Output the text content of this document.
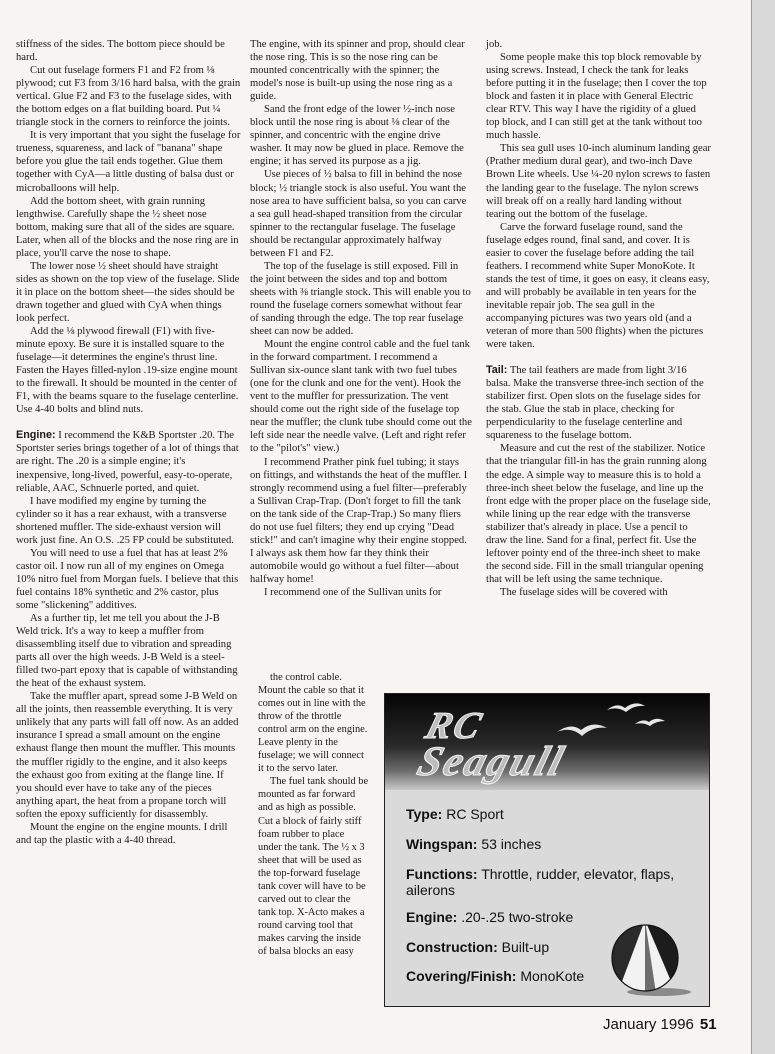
stiffness of the sides. The bottom piece should be hard.

Cut out fuselage formers F1 and F2 from ⅛ plywood; cut F3 from 3/16 hard balsa, with the grain vertical. Glue F2 and F3 to the fuselage sides, with the bottom edges on a flat building board. Put ¼ triangle stock in the corners to reinforce the joints.

It is very important that you sight the fuselage for trueness, squareness, and lack of "banana" shape before you glue the tail ends together. Glue them together with CyA—a little dusting of balsa dust or microballoons will help.

Add the bottom sheet, with grain running lengthwise. Carefully shape the ½ sheet nose bottom, making sure that all of the sides are square. Later, when all of the blocks and the nose ring are in place, you'll carve the nose to shape.

The lower nose ½ sheet should have straight sides as shown on the top view of the fuselage. Slide it in place on the bottom sheet—the sides should be drawn together and glued with CyA when things look perfect.

Add the ⅛ plywood firewall (F1) with five-minute epoxy. Be sure it is installed square to the fuselage—it determines the engine's thrust line. Fasten the Hayes filled-nylon .19-size engine mount to the firewall. It should be mounted in the center of F1, with the beams square to the fuselage centerline. Use 4-40 bolts and blind nuts.

Engine: I recommend the K&B Sportster .20. The Sportster series brings together of a lot of things that are right. The .20 is a simple engine; it's inexpensive, long-lived, powerful, easy-to-operate, reliable, AAC, Schnuerle ported, and quiet.

I have modified my engine by turning the cylinder so it has a rear exhaust, with a transverse shortened muffler. The side-exhaust version will work just fine. An O.S. .25 FP could be substituted.

You will need to use a fuel that has at least 2% castor oil. I now run all of my engines on Omega 10% nitro fuel from Morgan fuels. I believe that this fuel contains 18% synthetic and 2% castor, plus some "slickening" additives.

As a further tip, let me tell you about the J-B Weld trick. It's a way to keep a muffler from disassembling itself due to vibration and spreading parts all over the high weeds. J-B Weld is a steel-filled two-part epoxy that is capable of withstanding the heat of the exhaust system.

Take the muffler apart, spread some J-B Weld on all the joints, then reassemble everything. It is very unlikely that any parts will fall off now. As an added insurance I spread a small amount on the engine exhaust flange then mount the muffler. This mounts the muffler rigidly to the engine, and it also keeps the exhaust goo from exiting at the flange line. If you should ever have to take any of the pieces anything apart, the heat from a propane torch will soften the epoxy sufficiently for disassembly.

Mount the engine on the engine mounts. I drill and tap the plastic with a 4-40 thread.

The engine, with its spinner and prop, should clear the nose ring. This is so the nose ring can be mounted concentrically with the spinner; the model's nose is built-up using the nose ring as a guide.

Sand the front edge of the lower ½-inch nose block until the nose ring is about ⅛ clear of the spinner, and concentric with the engine drive washer. It may now be glued in place. Remove the engine; it has served its purpose as a jig.

Use pieces of ½ balsa to fill in behind the nose block; ½ triangle stock is also useful. You want the nose area to have sufficient balsa, so you can carve a sea gull head-shaped transition from the circular spinner to the rectangular fuselage. The fuselage should be rectangular approximately halfway between F1 and F2.

The top of the fuselage is still exposed. Fill in the joint between the sides and top and bottom sheets with ⅜ triangle stock. This will enable you to round the fuselage corners somewhat without fear of sanding through the edge. The top rear fuselage sheet can now be added.

Mount the engine control cable and the fuel tank in the forward compartment. I recommend a Sullivan six-ounce slant tank with two fuel tubes (one for the clunk and one for the vent). Hook the vent to the muffler for pressurization. The vent should come out the right side of the fuselage top near the muffler; the clunk tube should come out the left side near the needle valve. (Left and right refer to the "pilot's" view.)

I recommend Prather pink fuel tubing; it stays on fittings, and withstands the heat of the muffler. I strongly recommend using a fuel filter—preferably a Sullivan Crap-Trap. (Don't forget to fill the tank on the tank side of the Crap-Trap.) So many fliers do not use fuel filters; they end up crying "Dead stick!" and can't imagine why their engine stopped. I always ask them how far they think their automobile would go without a fuel filter—about halfway home!

I recommend one of the Sullivan units for

the control cable. Mount the cable so that it comes out in line with the throw of the throttle control arm on the engine. Leave plenty in the fuselage; we will connect it to the servo later.

The fuel tank should be mounted as far forward and as high as possible. Cut a block of fairly stiff foam rubber to place under the tank. The ½ x 3 sheet that will be used as the top-forward fuselage tank cover will have to be carved out to clear the tank top. X-Acto makes a round carving tool that makes carving the inside of balsa blocks an easy

job.

Some people make this top block removable by using screws. Instead, I check the tank for leaks before putting it in the fuselage; then I cover the top block and fasten it in place with General Electric clear RTV. This way I have the rigidity of a glued top block, and I can still get at the tank without too much hassle.

This sea gull uses 10-inch aluminum landing gear (Prather medium dural gear), and two-inch Dave Brown Lite wheels. Use ¼-20 nylon screws to fasten the landing gear to the fuselage. The nylon screws will break off on a really hard landing without tearing out the bottom of the fuselage.

Carve the forward fuselage round, sand the fuselage edges round, final sand, and cover. It is easier to cover the fuselage before adding the tail feathers. I recommend white Super MonoKote. It stands the test of time, it goes on easy, it cleans easy, and will probably be available in ten years for the inevitable repair job. The sea gull in the accompanying pictures was two years old (and a veteran of more than 500 flights) when the pictures were taken.

Tail: The tail feathers are made from light 3/16 balsa. Make the transverse three-inch section of the stabilizer first. Open slots on the fuselage sides for the stab. Glue the stab in place, checking for perpendicularity to the fuselage centerline and squareness to the fuselage bottom.

Measure and cut the rest of the stabilizer. Notice that the triangular fill-in has the grain running along the edge. A simple way to measure this is to hold a three-inch sheet below the fuselage, and line up the front edge with the proper place on the fuselage side, while lining up the rear edge with the transverse stabilizer that's already in place. Use a pencil to draw the line. Sand for a final, perfect fit. Use the leftover pointy end of the three-inch sheet to make the second side. Fill in the small triangular opening that will be left using the same technique.

The fuselage sides will be covered with

RC
Seagull
Type: RC Sport
Wingspan: 53 inches
Functions: Throttle, rudder, elevator, flaps, ailerons
Engine: .20-.25 two-stroke
Construction: Built-up
Covering/Finish: MonoKote
January 1996 51
